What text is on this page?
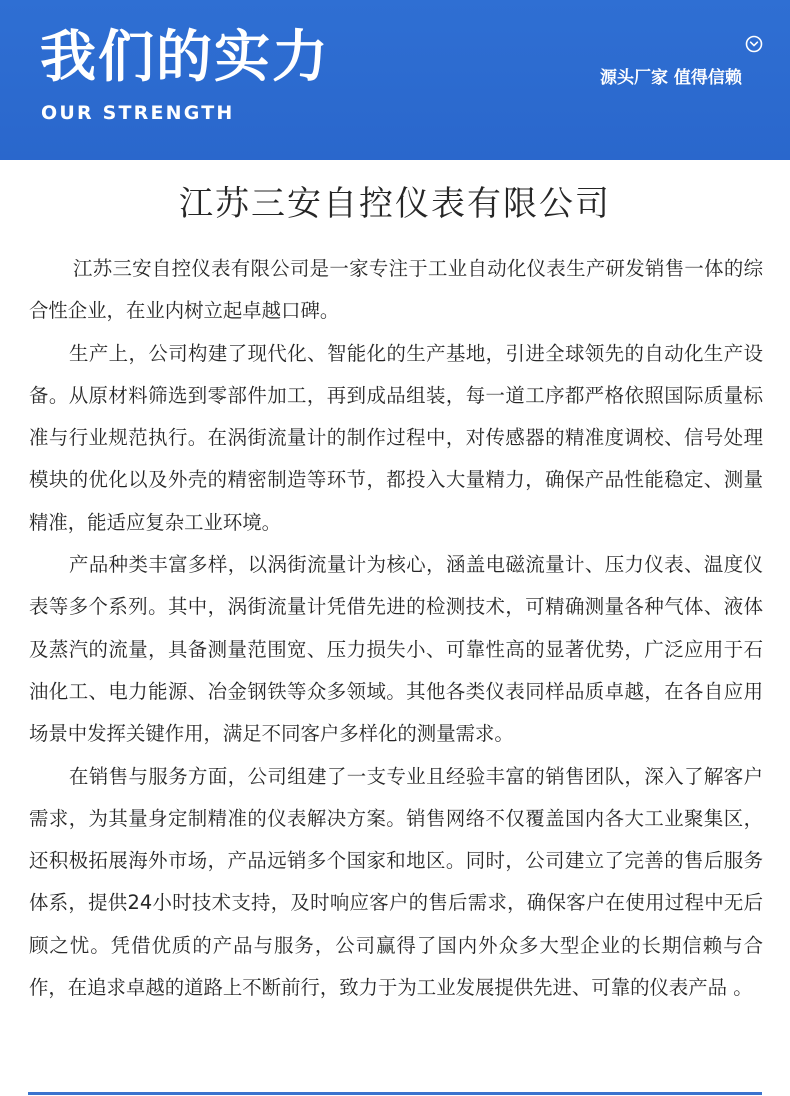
我们的实力
OUR STRENGTH
源头厂家 值得信赖
江苏三安自控仪表有限公司

江苏三安自控仪表有限公司是一家专注于工业自动化仪表生产研发销售一体的综合性企业，在业内树立起卓越口碑。

生产上，公司构建了现代化、智能化的生产基地，引进全球领先的自动化生产设备。从原材料筛选到零部件加工，再到成品组装，每一道工序都严格依照国际质量标准与行业规范执行。在涡街流量计的制作过程中，对传感器的精准度调校、信号处理模块的优化以及外壳的精密制造等环节，都投入大量精力，确保产品性能稳定、测量精准，能适应复杂工业环境。

产品种类丰富多样，以涡街流量计为核心，涵盖电磁流量计、压力仪表、温度仪表等多个系列。其中，涡街流量计凭借先进的检测技术，可精确测量各种气体、液体及蒸汽的流量，具备测量范围宽、压力损失小、可靠性高的显著优势，广泛应用于石油化工、电力能源、冶金钢铁等众多领域。其他各类仪表同样品质卓越，在各自应用场景中发挥关键作用，满足不同客户多样化的测量需求。

在销售与服务方面，公司组建了一支专业且经验丰富的销售团队，深入了解客户需求，为其量身定制精准的仪表解决方案。销售网络不仅覆盖国内各大工业聚集区，还积极拓展海外市场，产品远销多个国家和地区。同时，公司建立了完善的售后服务体系，提供24小时技术支持，及时响应客户的售后需求，确保客户在使用过程中无后顾之忧。凭借优质的产品与服务，公司赢得了国内外众多大型企业的长期信赖与合作，在追求卓越的道路上不断前行，致力于为工业发展提供先进、可靠的仪表产品 。
